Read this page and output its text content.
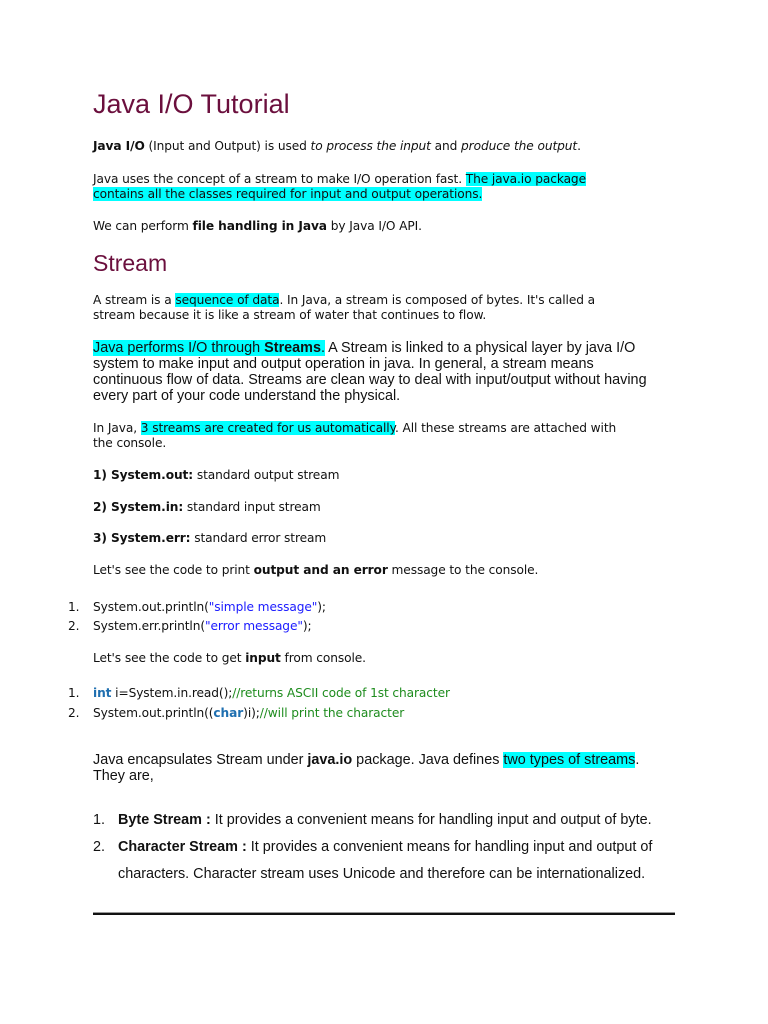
Java I/O Tutorial
Java I/O (Input and Output) is used to process the input and produce the output.
Java uses the concept of a stream to make I/O operation fast. The java.io package
contains all the classes required for input and output operations.
We can perform file handling in Java by Java I/O API.
Stream
A stream is a sequence of data. In Java, a stream is composed of bytes. It's called a
stream because it is like a stream of water that continues to flow.
Java performs I/O through Streams. A Stream is linked to a physical layer by java I/O
system to make input and output operation in java. In general, a stream means
continuous flow of data. Streams are clean way to deal with input/output without having
every part of your code understand the physical.
In Java, 3 streams are created for us automatically. All these streams are attached with
the console.
1) System.out: standard output stream
2) System.in: standard input stream
3) System.err: standard error stream
Let's see the code to print output and an error message to the console.
1. System.out.println("simple message");
2. System.err.println("error message");
Let's see the code to get input from console.
1. int i=System.in.read();//returns ASCII code of 1st character
2. System.out.println((char)i);//will print the character
Java encapsulates Stream under java.io package. Java defines two types of streams.
They are,
1. Byte Stream : It provides a convenient means for handling input and output of byte.
2. Character Stream : It provides a convenient means for handling input and output of
characters. Character stream uses Unicode and therefore can be internationalized.
